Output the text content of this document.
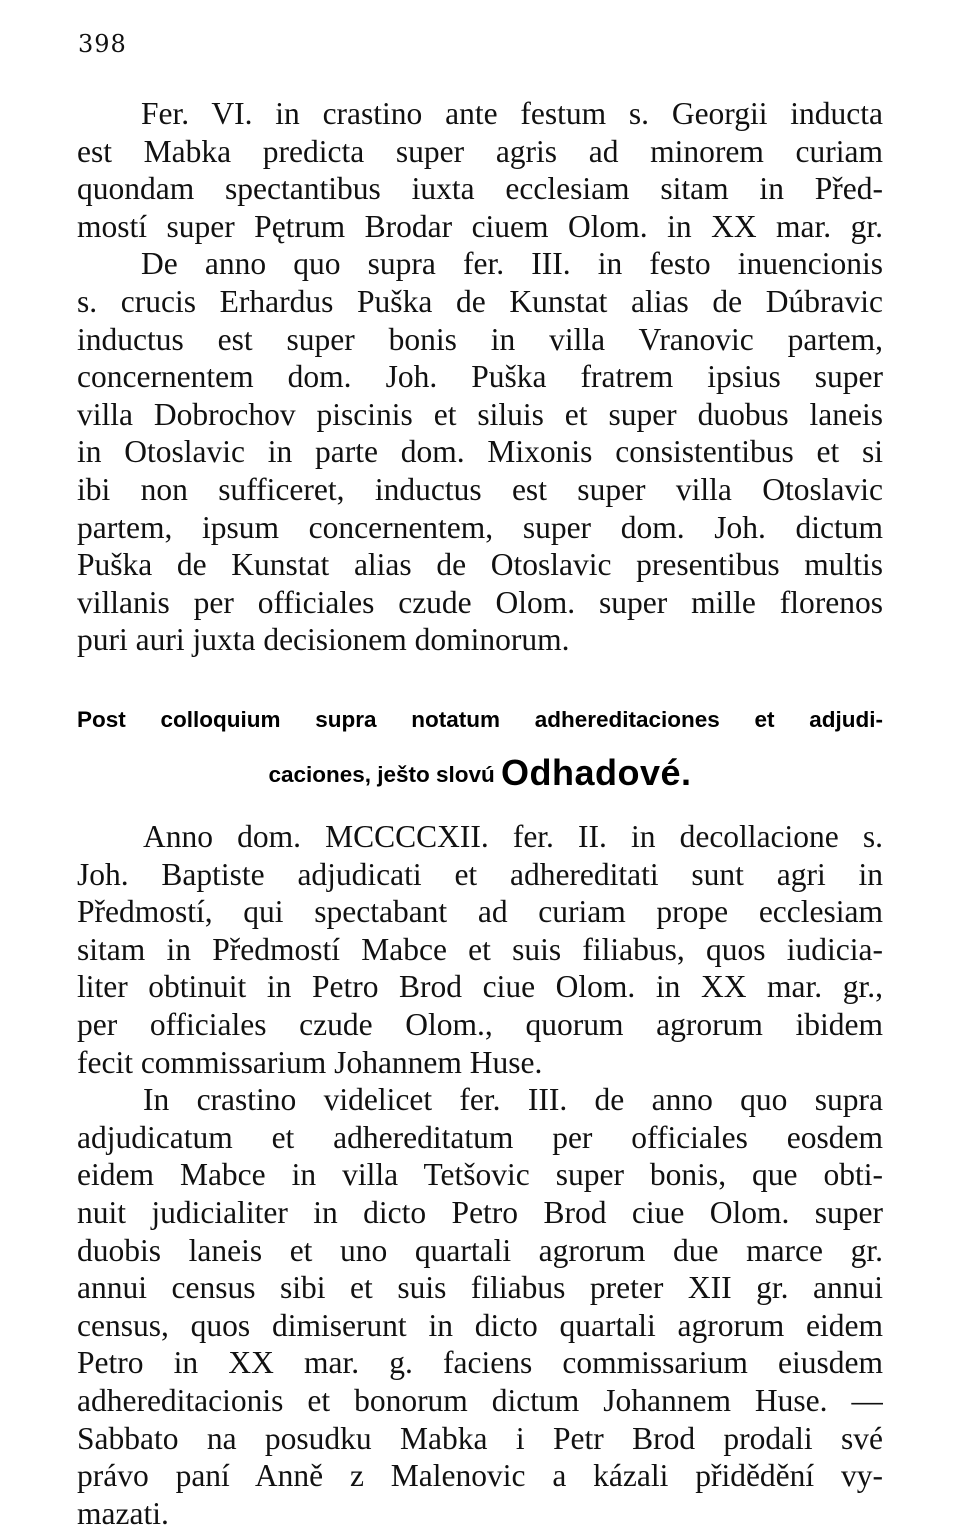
398
Fer. VI. in crastino ante festum s. Georgii inducta
est Mabka predicta super agris ad minorem curiam
quondam spectantibus iuxta ecclesiam sitam in Před-
mostí super Pętrum Brodar ciuem Olom. in XX mar. gr.
De anno quo supra fer. III. in festo inuencionis
s. crucis Erhardus Puška de Kunstat alias de Dúbravic
inductus est super bonis in villa Vranovic partem,
concernentem dom. Joh. Puška fratrem ipsius super
villa Dobrochov piscinis et siluis et super duobus laneis
in Otoslavic in parte dom. Mixonis consistentibus et si
ibi non sufficeret, inductus est super villa Otoslavic
partem, ipsum concernentem, super dom. Joh. dictum
Puška de Kunstat alias de Otoslavic presentibus multis
villanis per officiales czude Olom. super mille florenos
puri auri juxta decisionem dominorum.
Post colloquium supra notatum adhereditaciones et adjudi-
caciones, ješto slovú Odhadové.
Anno dom. MCCCCXII. fer. II. in decollacione s.
Joh. Baptiste adjudicati et adhereditati sunt agri in
Předmostí, qui spectabant ad curiam prope ecclesiam
sitam in Předmostí Mabce et suis filiabus, quos iudicia-
liter obtinuit in Petro Brod ciue Olom. in XX mar. gr.,
per officiales czude Olom., quorum agrorum ibidem
fecit commissarium Johannem Huse.
In crastino videlicet fer. III. de anno quo supra
adjudicatum et adhereditatum per officiales eosdem
eidem Mabce in villa Tetšovic super bonis, que obti-
nuit judicialiter in dicto Petro Brod ciue Olom. super
duobis laneis et uno quartali agrorum due marce gr.
annui census sibi et suis filiabus preter XII gr. annui
census, quos dimiserunt in dicto quartali agrorum eidem
Petro in XX mar. g. faciens commissarium eiusdem
adhereditacionis et bonorum dictum Johannem Huse. —
Sabbato na posudku Mabka i Petr Brod prodali své
právo paní Anně z Malenovic a kázali přidědění vy-
mazati.
